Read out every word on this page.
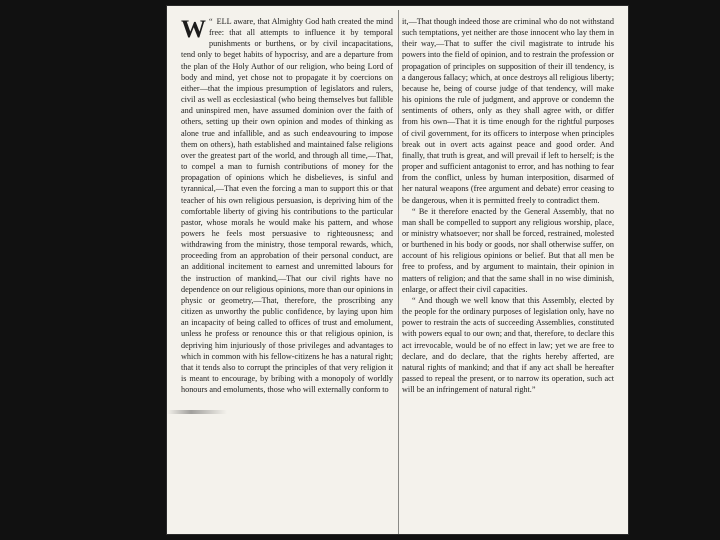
“
W ELL aware, that Almighty God hath created the mind free: that all attempts to influence it by temporal punishments or burthens, or by civil incapacitations, tend only to beget habits of hypocrisy, and are a departure from the plan of the Holy Author of our religion, who being Lord of body and mind, yet chose not to propagate it by coercions on either—that the impious presumption of legislators and rulers, civil as well as ecclesiastical (who being themselves but fallible and uninspired men, have assumed dominion over the faith of others, setting up their own opinion and modes of thinking as alone true and infallible, and as such endeavouring to impose them on others), hath established and maintained false religions over the greatest part of the world, and through all time,—That, to compel a man to furnish contributions of money for the propagation of opinions which he disbelieves, is sinful and tyrannical,—That even the forcing a man to support this or that teacher of his own religious persuasion, is depriving him of the comfortable liberty of giving his contributions to the particular pastor, whose morals he would make his pattern, and whose powers he feels most persuasive to righteousness; and withdrawing from the ministry, those temporal rewards, which, proceeding from an approbation of their personal conduct, are an additional incitement to earnest and unremitted labours for the instruction of mankind,—That our civil rights have no dependence on our religious opinions, more than our opinions in physic or geometry,—That, therefore, the proscribing any citizen as unworthy the public confidence, by laying upon him an incapacity of being called to offices of trust and emolument, unless he profess or renounce this or that religious opinion, is depriving him injuriously of those privileges and advantages to which in common with his fellow-citizens he has a natural right; that it tends also to corrupt the principles of that very religion it is meant to encourage, by bribing with a monopoly of worldly honours and emoluments, those who will externally conform to

it,—That though indeed those are criminal who do not withstand such temptations, yet neither are those innocent who lay them in their way,—That to suffer the civil magistrate to intrude his powers into the field of opinion, and to restrain the profession or propagation of principles on supposition of their ill tendency, is a dangerous fallacy; which, at once destroys all religious liberty; because he, being of course judge of that tendency, will make his opinions the rule of judgment, and approve or condemn the sentiments of others, only as they shall agree with, or differ from his own—That it is time enough for the rightful purposes of civil government, for its officers to interpose when principles break out in overt acts against peace and good order. And finally, that truth is great, and will prevail if left to herself; is the proper and sufficient antagonist to error, and has nothing to fear from the conflict, unless by human interposition, disarmed of her natural weapons (free argument and debate) error ceasing to be dangerous, when it is permitted freely to contradict them.

“ Be it therefore enacted by the General Assembly, that no man shall be compelled to support any religious worship, place, or ministry whatsoever; nor shall be forced, restrained, molested or burthened in his body or goods, nor shall otherwise suffer, on account of his religious opinions or belief. But that all men be free to profess, and by argument to maintain, their opinion in matters of religion; and that the same shall in no wise diminish, enlarge, or affect their civil capacities.

“ And though we well know that this Assembly, elected by the people for the ordinary purposes of legislation only, have no power to restrain the acts of succeeding Assemblies, constituted with powers equal to our own; and that, therefore, to declare this act irrevocable, would be of no effect in law; yet we are free to declare, and do declare, that the rights hereby afferted, are natural rights of mankind; and that if any act shall be hereafter passed to repeal the present, or to narrow its operation, such act will be an infringement of natural right.”
